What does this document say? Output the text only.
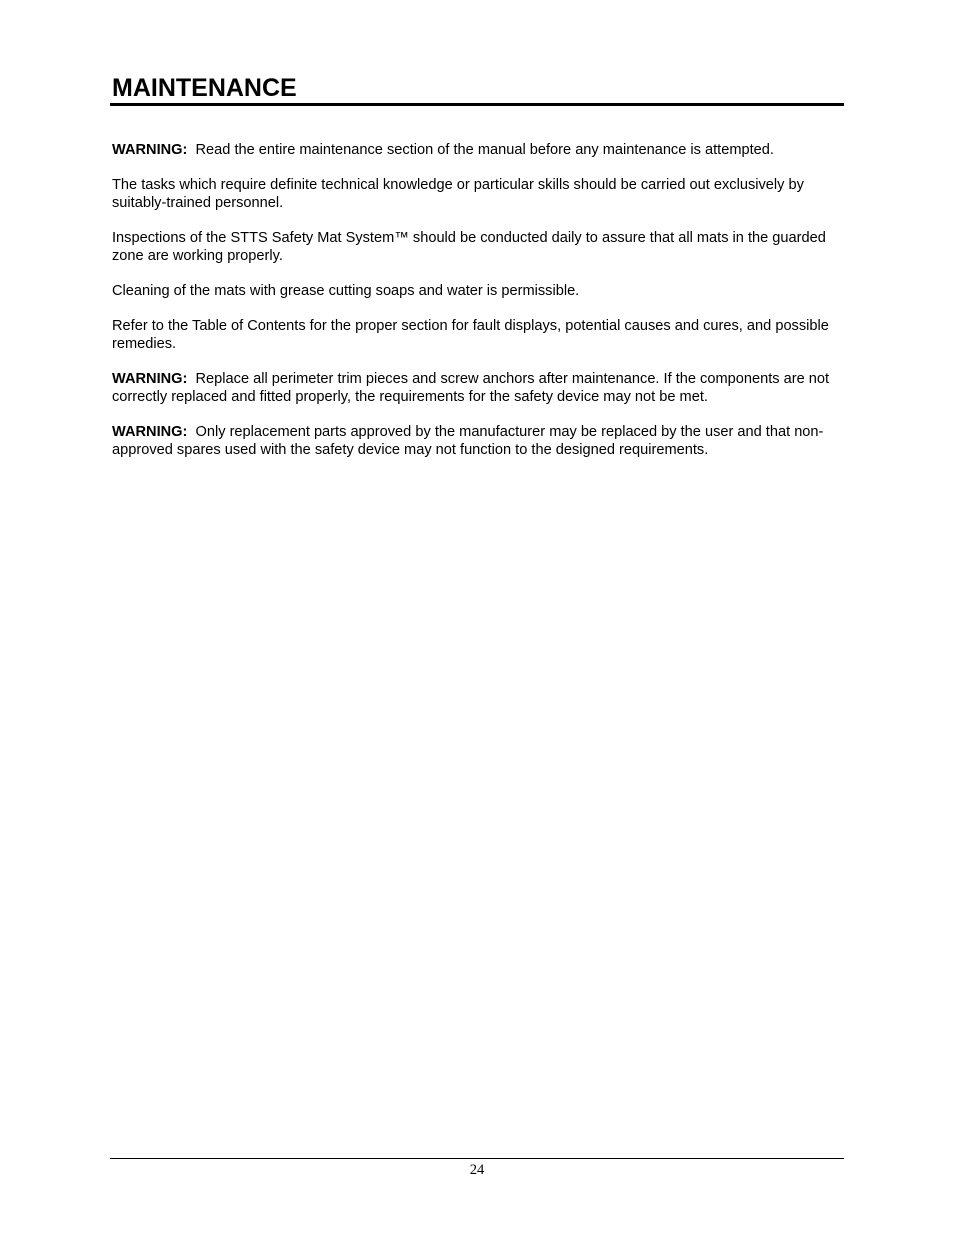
MAINTENANCE

WARNING: Read the entire maintenance section of the manual before any maintenance is attempted.

The tasks which require definite technical knowledge or particular skills should be carried out exclusively by suitably-trained personnel.

Inspections of the STTS Safety Mat System™ should be conducted daily to assure that all mats in the guarded zone are working properly.

Cleaning of the mats with grease cutting soaps and water is permissible.

Refer to the Table of Contents for the proper section for fault displays, potential causes and cures, and possible remedies.

WARNING: Replace all perimeter trim pieces and screw anchors after maintenance. If the components are not correctly replaced and fitted properly, the requirements for the safety device may not be met.

WARNING: Only replacement parts approved by the manufacturer may be replaced by the user and that non-approved spares used with the safety device may not function to the designed requirements.

24
